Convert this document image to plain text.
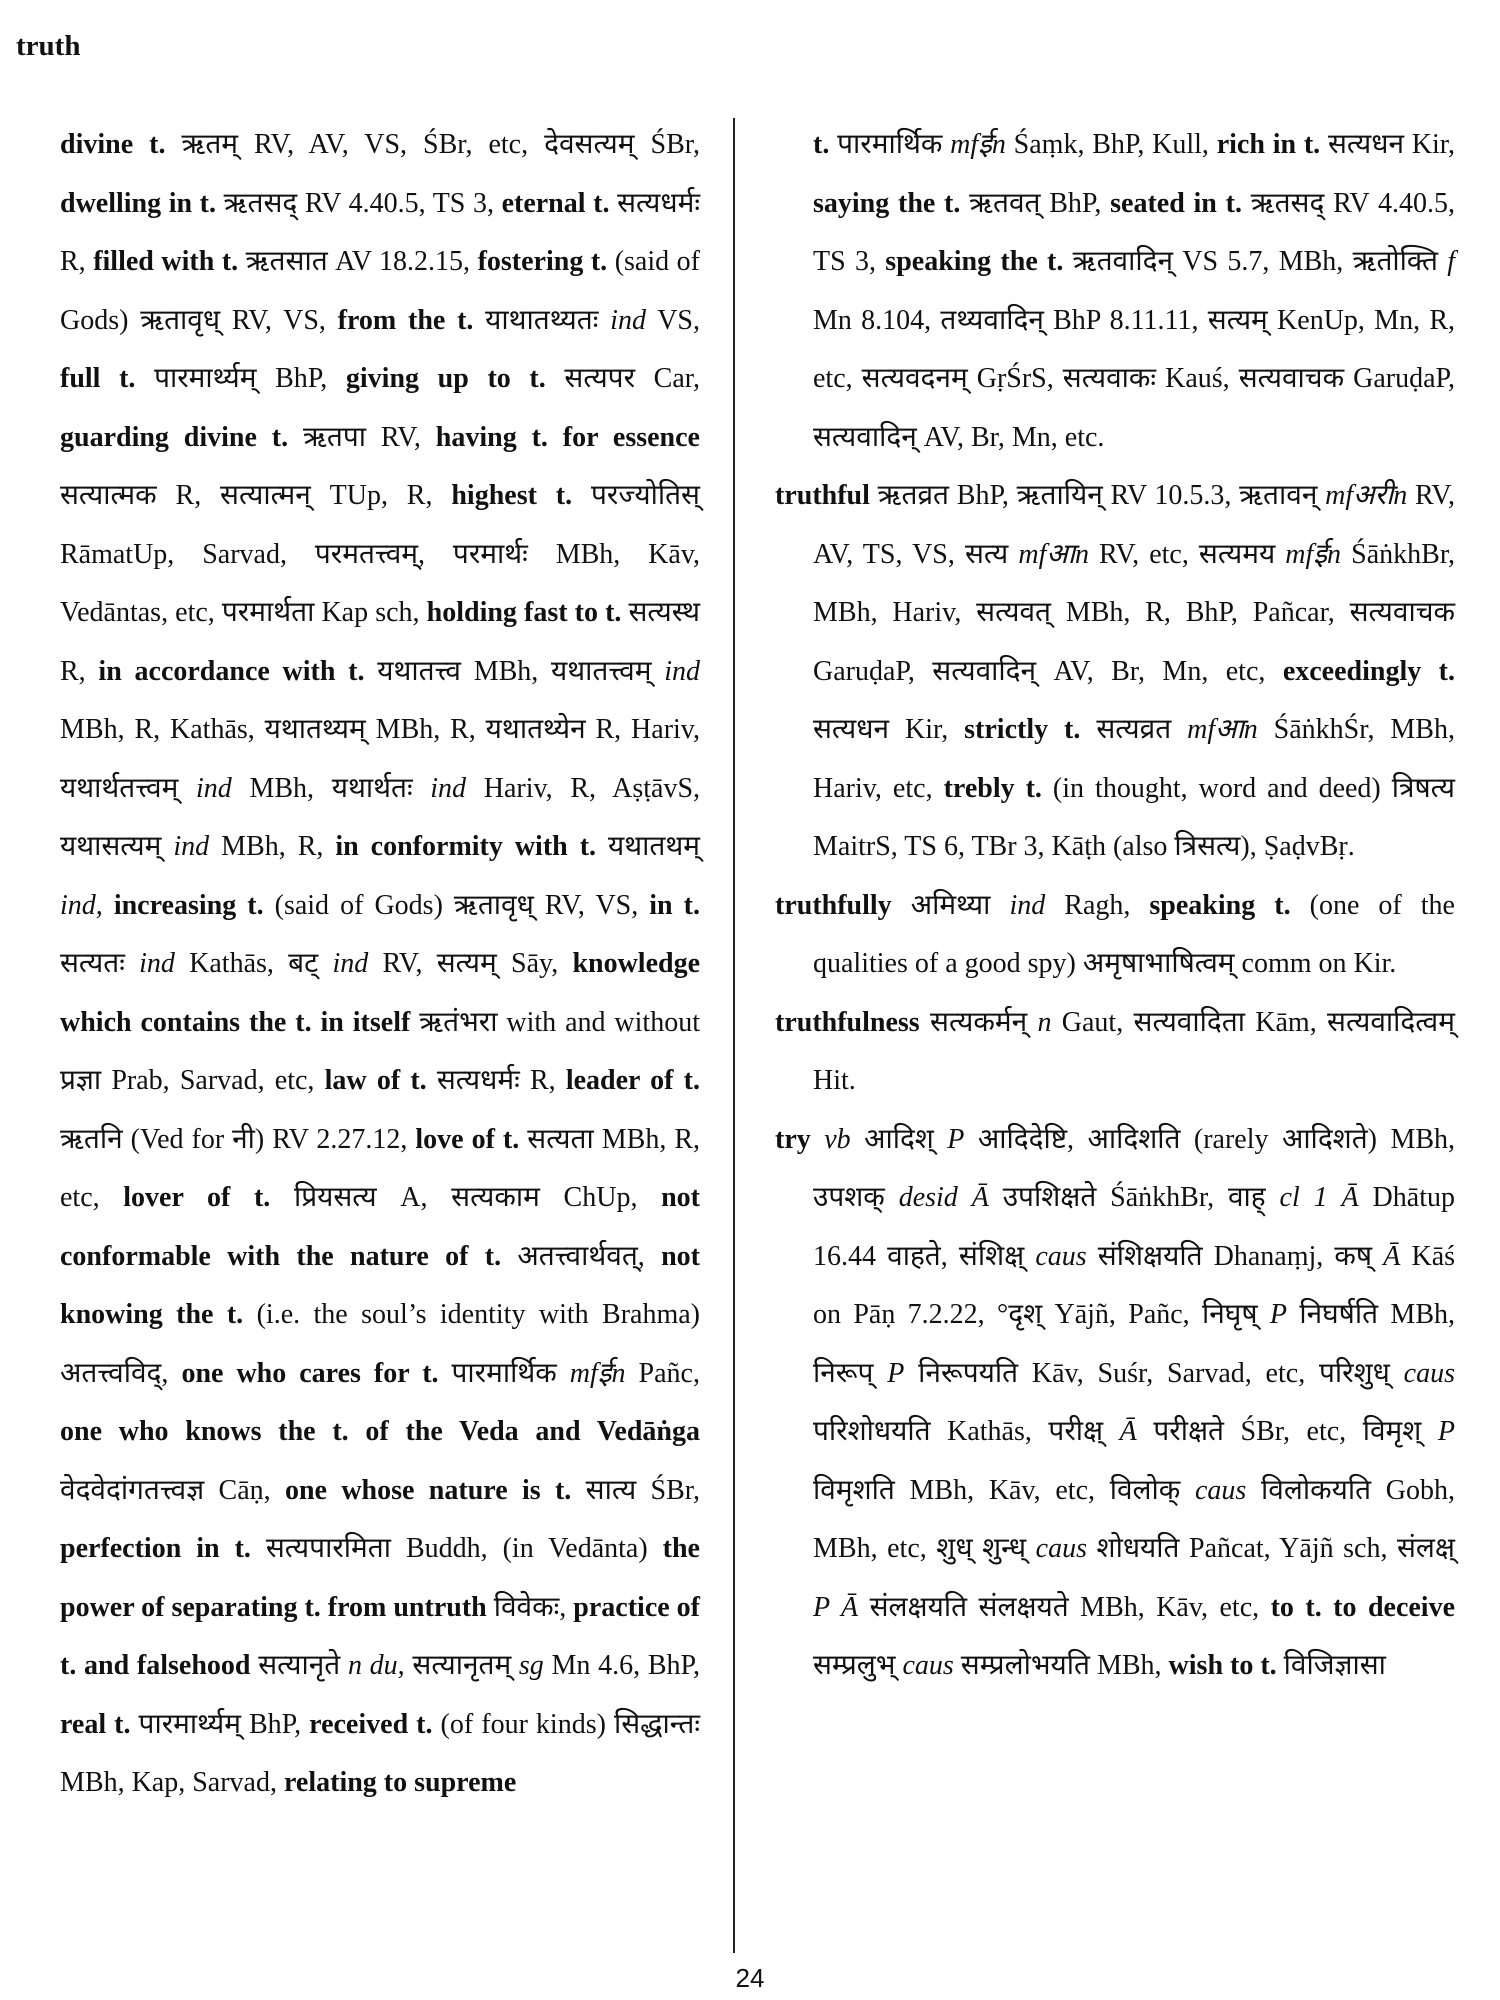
truth

divine t. ऋतम् RV, AV, VS, ŚBr, etc, देवसत्यम् ŚBr, dwelling in t. ऋतसद् RV 4.40.5, TS 3, eternal t. सत्यधर्मः R, filled with t. ऋतसात AV 18.2.15, fostering t. (said of Gods) ऋतावृध् RV, VS, from the t. याथातथ्यतः ind VS, full t. पारमार्थ्यम् BhP, giving up to t. सत्यपर Car, guarding divine t. ऋतपा RV, having t. for essence सत्यात्मक R, सत्यात्मन् TUp, R, highest t. परज्योतिस् RāmatUp, Sarvad, परमतत्त्वम्, परमार्थः MBh, Kāv, Vedāntas, etc, परमार्थता Kap sch, holding fast to t. सत्यस्थ R, in accordance with t. यथातत्त्व MBh, यथातत्त्वम् ind MBh, R, Kathās, यथातथ्यम् MBh, R, यथातथ्येन R, Hariv, यथार्थतत्त्वम् ind MBh, यथार्थतः ind Hariv, R, AṣṭāvS, यथासत्यम् ind MBh, R, in conformity with t. यथातथम् ind, increasing t. (said of Gods) ऋतावृध् RV, VS, in t. सत्यतः ind Kathās, बट् ind RV, सत्यम् Sāy, knowledge which contains the t. in itself ऋतंभरा with and without प्रज्ञा Prab, Sarvad, etc, law of t. सत्यधर्मः R, leader of t. ऋतनि (Ved for नी) RV 2.27.12, love of t. सत्यता MBh, R, etc, lover of t. प्रियसत्य A, सत्यकाम ChUp, not conformable with the nature of t. अतत्त्वार्थवत्, not knowing the t. (i.e. the soul’s identity with Brahma) अतत्त्वविद्, one who cares for t. पारमार्थिक mfईn Pañc, one who knows the t. of the Veda and Vedāṅga वेदवेदांगतत्त्वज्ञ Cāṇ, one whose nature is t. सात्य ŚBr, perfection in t. सत्यपारमिता Buddh, (in Vedānta) the power of separating t. from untruth विवेकः, practice of t. and falsehood सत्यानृते n du, सत्यानृतम् sg Mn 4.6, BhP, real t. पारमार्थ्यम् BhP, received t. (of four kinds) सिद्धान्तः MBh, Kap, Sarvad, relating to supreme

t. पारमार्थिक mfईn Śaṃk, BhP, Kull, rich in t. सत्यधन Kir, saying the t. ऋतवत् BhP, seated in t. ऋतसद् RV 4.40.5, TS 3, speaking the t. ऋतवादिन् VS 5.7, MBh, ऋतोक्ति f Mn 8.104, तथ्यवादिन् BhP 8.11.11, सत्यम् KenUp, Mn, R, etc, सत्यवदनम् GṛŚrS, सत्यवाकः Kauś, सत्यवाचक GaruḍaP, सत्यवादिन् AV, Br, Mn, etc.

truthful ऋतव्रत BhP, ऋतायिन् RV 10.5.3, ऋतावन् mfअरीn RV, AV, TS, VS, सत्य mfआn RV, etc, सत्यमय mfईn ŚāṅkhBr, MBh, Hariv, सत्यवत् MBh, R, BhP, Pañcar, सत्यवाचक GaruḍaP, सत्यवादिन् AV, Br, Mn, etc, exceedingly t. सत्यधन Kir, strictly t. सत्यव्रत mfआn ŚāṅkhŚr, MBh, Hariv, etc, trebly t. (in thought, word and deed) त्रिषत्य MaitrS, TS 6, TBr 3, Kāṭh (also त्रिसत्य), ṢaḍvBṛ.

truthfully अमिथ्या ind Ragh, speaking t. (one of the qualities of a good spy) अमृषाभाषित्वम् comm on Kir.

truthfulness सत्यकर्मन् n Gaut, सत्यवादिता Kām, सत्यवादित्वम् Hit.

try vb आदिश् P आदिदेष्टि, आदिशति (rarely आदिशते) MBh, उपशक् desid Ā उपशिक्षते ŚāṅkhBr, वाह् cl 1 Ā Dhātup 16.44 वाहते, संशिक्ष् caus संशिक्षयति Dhanaṃj, कष् Ā Kāś on Pāṇ 7.2.22, °दृश् Yājñ, Pañc, निघृष् P निघर्षति MBh, निरूप् P निरूपयति Kāv, Suśr, Sarvad, etc, परिशुध् caus परिशोधयति Kathās, परीक्ष् Ā परीक्षते ŚBr, etc, विमृश् P विमृशति MBh, Kāv, etc, विलोक् caus विलोकयति Gobh, MBh, etc, शुध् शुन्ध् caus शोधयति Pañcat, Yājñ sch, संलक्ष् P Ā संलक्षयति संलक्षयते MBh, Kāv, etc, to t. to deceive सम्प्रलुभ् caus सम्प्रलोभयति MBh, wish to t. विजिज्ञासा

24
